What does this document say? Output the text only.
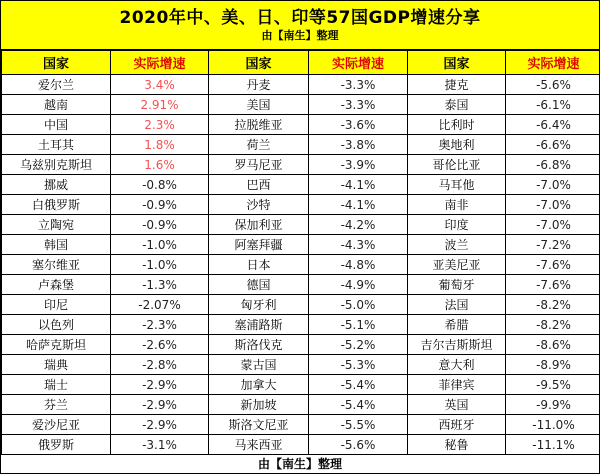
2020年中、美、日、印等57国GDP增速分享
由【南生】整理
国家	实际增速	国家	实际增速	国家	实际增速
爱尔兰	3.4%	丹麦	-3.3%	捷克	-5.6%
越南	2.91%	美国	-3.3%	泰国	-6.1%
中国	2.3%	拉脱维亚	-3.6%	比利时	-6.4%
土耳其	1.8%	荷兰	-3.8%	奥地利	-6.6%
乌兹别克斯坦	1.6%	罗马尼亚	-3.9%	哥伦比亚	-6.8%
挪威	-0.8%	巴西	-4.1%	马耳他	-7.0%
白俄罗斯	-0.9%	沙特	-4.1%	南非	-7.0%
立陶宛	-0.9%	保加利亚	-4.2%	印度	-7.0%
韩国	-1.0%	阿塞拜疆	-4.3%	波兰	-7.2%
塞尔维亚	-1.0%	日本	-4.8%	亚美尼亚	-7.6%
卢森堡	-1.3%	德国	-4.9%	葡萄牙	-7.6%
印尼	-2.07%	匈牙利	-5.0%	法国	-8.2%
以色列	-2.3%	塞浦路斯	-5.1%	希腊	-8.2%
哈萨克斯坦	-2.6%	斯洛伐克	-5.2%	吉尔吉斯斯坦	-8.6%
瑞典	-2.8%	蒙古国	-5.3%	意大利	-8.9%
瑞士	-2.9%	加拿大	-5.4%	菲律宾	-9.5%
芬兰	-2.9%	新加坡	-5.4%	英国	-9.9%
爱沙尼亚	-2.9%	斯洛文尼亚	-5.5%	西班牙	-11.0%
俄罗斯	-3.1%	马来西亚	-5.6%	秘鲁	-11.1%
由【南生】整理
